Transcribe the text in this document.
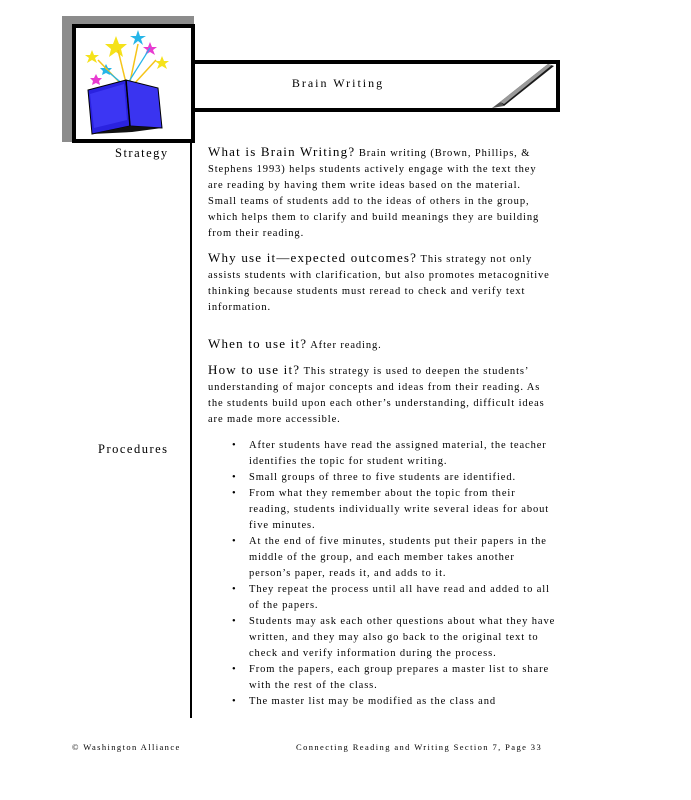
Brain Writing
Strategy
Procedures

What is Brain Writing? Brain writing (Brown, Phillips, & Stephens 1993) helps students actively engage with the text they are reading by having them write ideas based on the material. Small teams of students add to the ideas of others in the group, which helps them to clarify and build meanings they are building from their reading.

Why use it—expected outcomes? This strategy not only assists students with clarification, but also promotes metacognitive thinking because students must reread to check and verify text information.

When to use it? After reading.

How to use it? This strategy is used to deepen the students’ understanding of major concepts and ideas from their reading. As the students build upon each other’s understanding, difficult ideas are made more accessible.

• After students have read the assigned material, the teacher identifies the topic for student writing.
• Small groups of three to five students are identified.
• From what they remember about the topic from their reading, students individually write several ideas for about five minutes.
• At the end of five minutes, students put their papers in the middle of the group, and each member takes another person’s paper, reads it, and adds to it.
• They repeat the process until all have read and added to all of the papers.
• Students may ask each other questions about what they have written, and they may also go back to the original text to check and verify information during the process.
• From the papers, each group prepares a master list to share with the rest of the class.
• The master list may be modified as the class and
© Washington Alliance	Connecting Reading and Writing Section 7, Page 33
